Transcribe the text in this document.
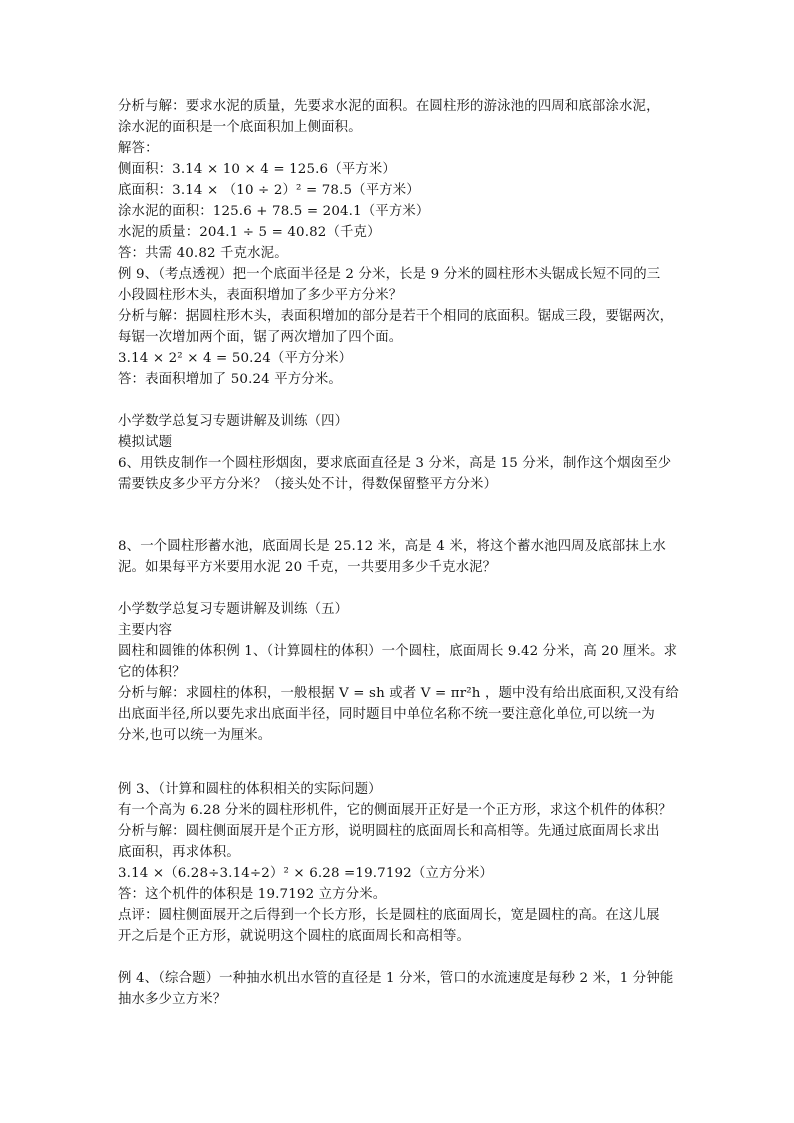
分析与解：要求水泥的质量，先要求水泥的面积。在圆柱形的游泳池的四周和底部涂水泥，
涂水泥的面积是一个底面积加上侧面积。
解答：
侧面积：3.14 × 10 × 4 = 125.6（平方米）
底面积：3.14 × （10 ÷ 2）² = 78.5（平方米）
涂水泥的面积：125.6 + 78.5 = 204.1（平方米）
水泥的质量：204.1 ÷ 5 = 40.82（千克）
答：共需 40.82 千克水泥。
例 9、（考点透视）把一个底面半径是 2 分米，长是 9 分米的圆柱形木头锯成长短不同的三
小段圆柱形木头，表面积增加了多少平方分米？
分析与解：据圆柱形木头，表面积增加的部分是若干个相同的底面积。锯成三段，要锯两次，
每锯一次增加两个面，锯了两次增加了四个面。
3.14 × 2² × 4 = 50.24（平方分米）
答：表面积增加了 50.24 平方分米。
小学数学总复习专题讲解及训练（四）
模拟试题
6、用铁皮制作一个圆柱形烟囱，要求底面直径是 3 分米，高是 15 分米，制作这个烟囱至少
需要铁皮多少平方分米？（接头处不计，得数保留整平方分米）
8、一个圆柱形蓄水池，底面周长是 25.12 米，高是 4 米，将这个蓄水池四周及底部抹上水
泥。如果每平方米要用水泥 20 千克，一共要用多少千克水泥？
小学数学总复习专题讲解及训练（五）
主要内容
圆柱和圆锥的体积例 1、（计算圆柱的体积）一个圆柱，底面周长 9.42 分米，高 20 厘米。求
它的体积？
分析与解：求圆柱的体积，一般根据 V = sh 或者 V = πr²h ，题中没有给出底面积,又没有给
出底面半径,所以要先求出底面半径，同时题目中单位名称不统一要注意化单位,可以统一为
分米,也可以统一为厘米。
例 3、（计算和圆柱的体积相关的实际问题）
有一个高为 6.28 分米的圆柱形机件，它的侧面展开正好是一个正方形，求这个机件的体积？
分析与解：圆柱侧面展开是个正方形，说明圆柱的底面周长和高相等。先通过底面周长求出
底面积，再求体积。
3.14 ×（6.28÷3.14÷2）² × 6.28 =19.7192（立方分米）
答：这个机件的体积是 19.7192 立方分米。
点评：圆柱侧面展开之后得到一个长方形，长是圆柱的底面周长，宽是圆柱的高。在这儿展
开之后是个正方形，就说明这个圆柱的底面周长和高相等。
例 4、（综合题）一种抽水机出水管的直径是 1 分米，管口的水流速度是每秒 2 米，1 分钟能
抽水多少立方米？
